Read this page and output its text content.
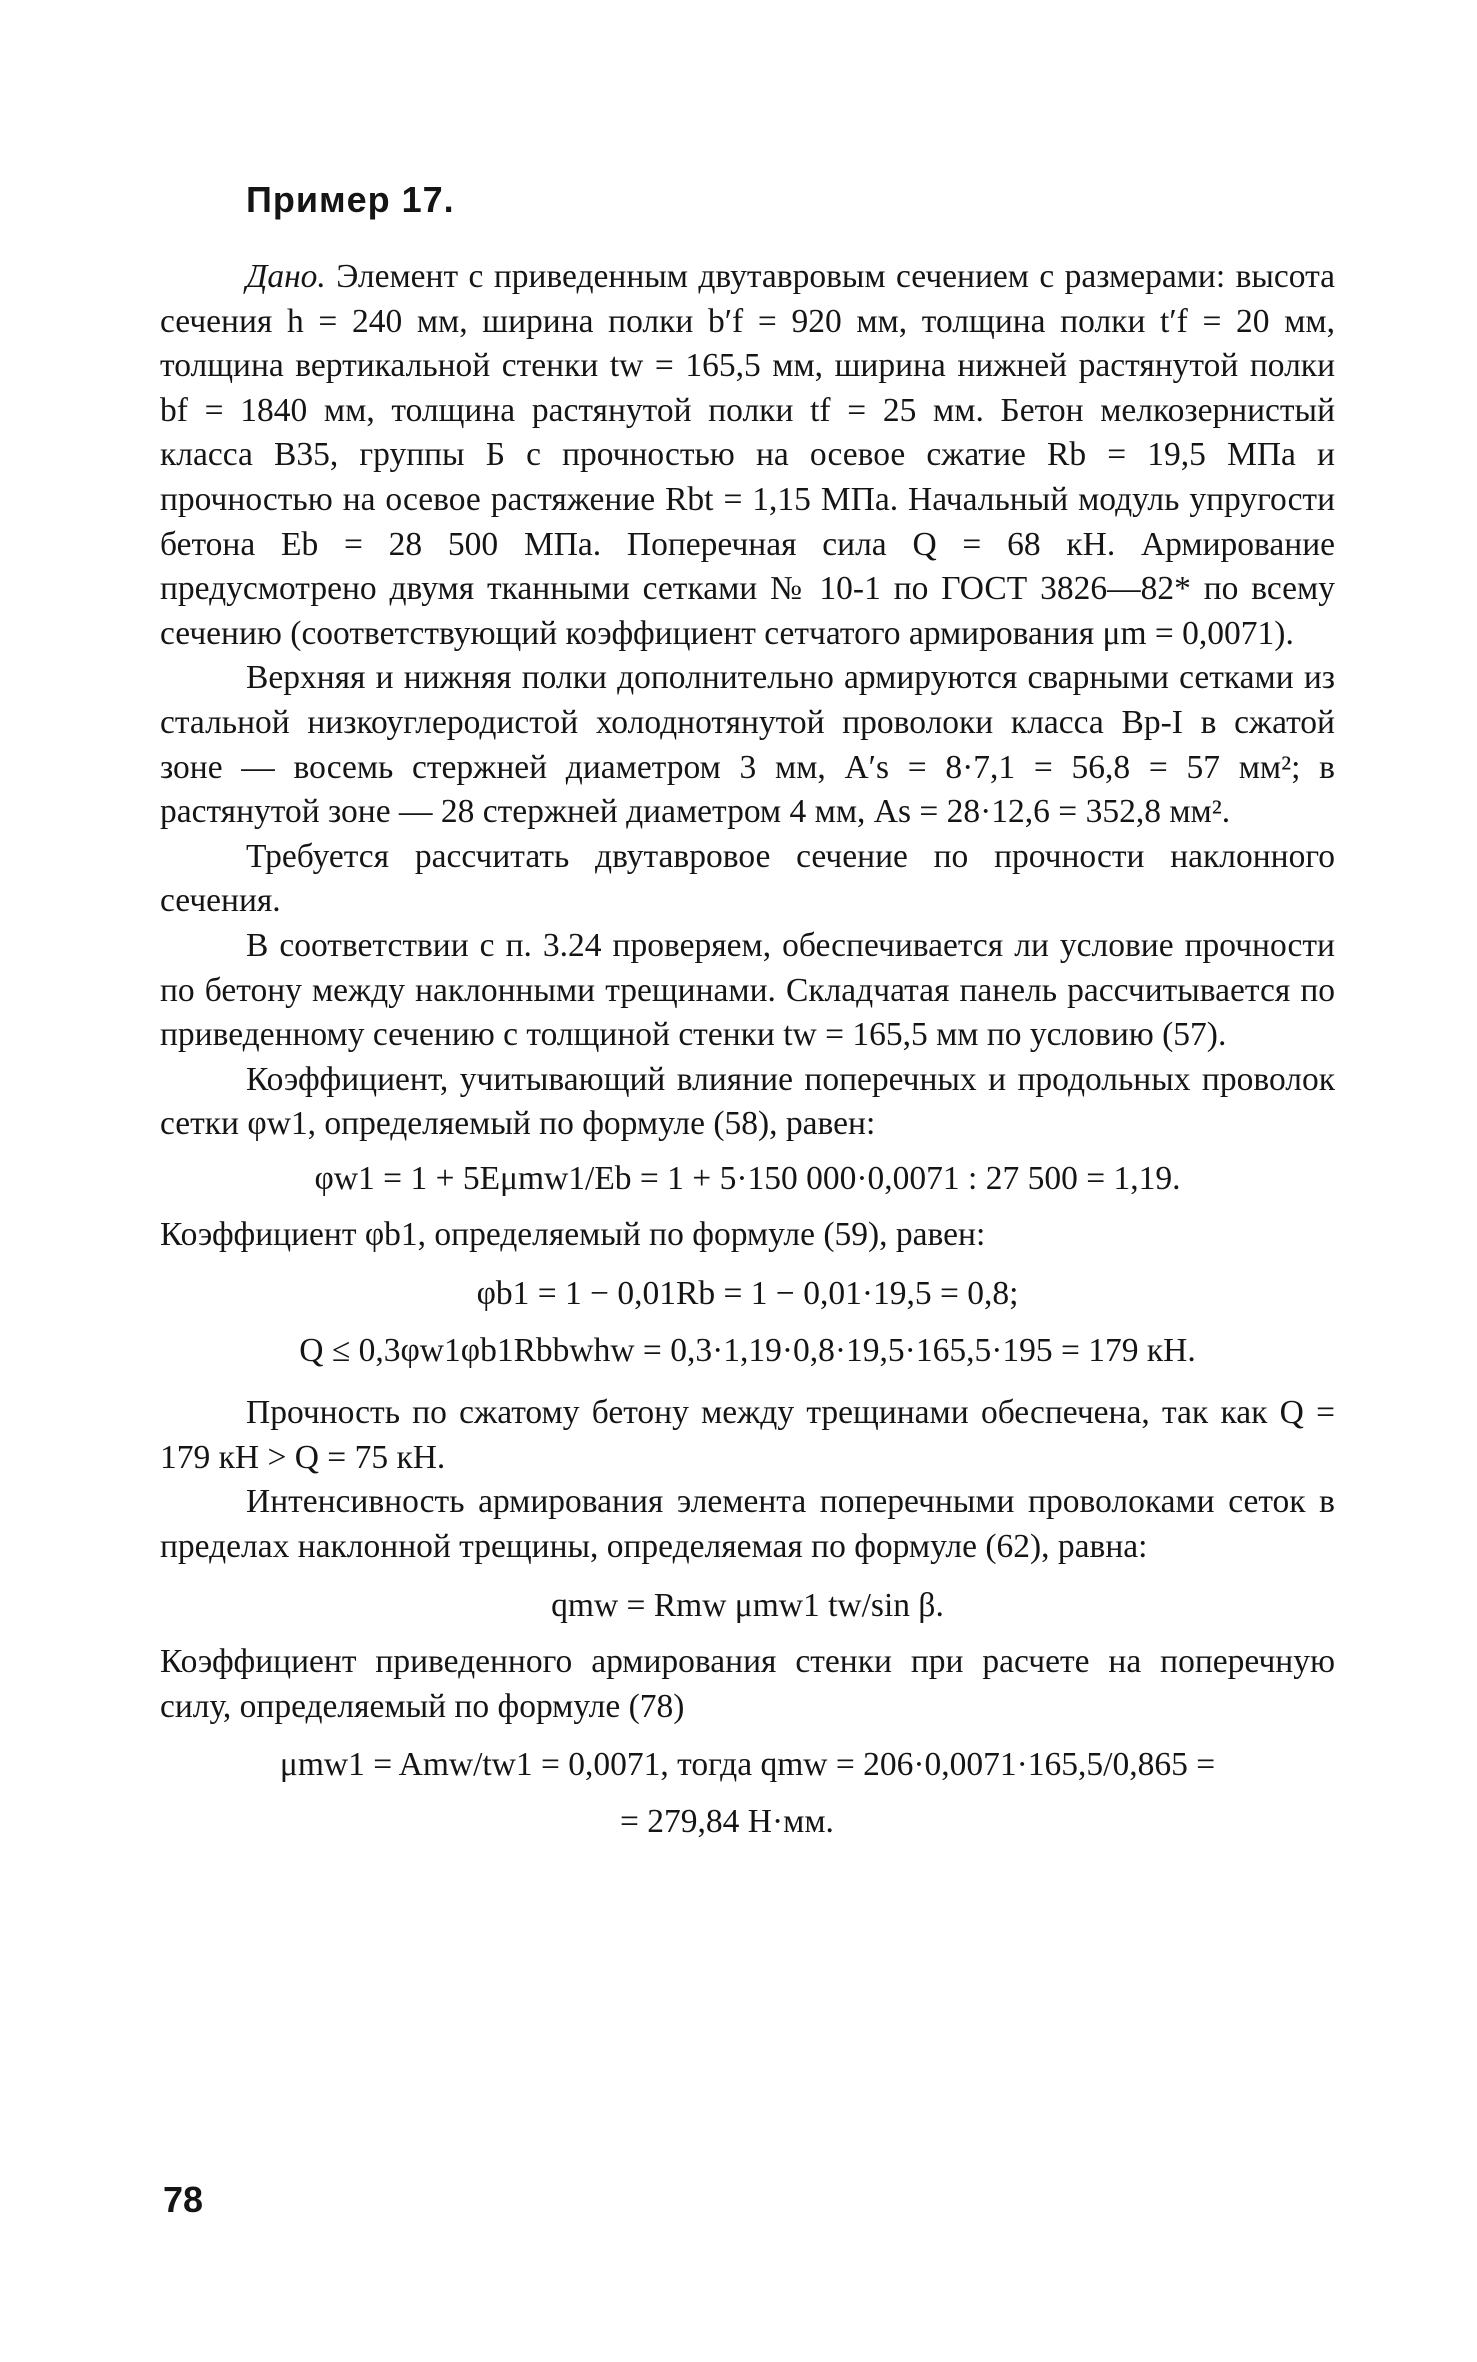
Пример 17.

Дано. Элемент с приведенным двутавровым сечением с размерами: высота сечения h = 240 мм, ширина полки b′f = 920 мм, толщина полки t′f = 20 мм, толщина вертикальной стенки tw = 165,5 мм, ширина нижней растянутой полки bf = 1840 мм, толщина растянутой полки tf = 25 мм. Бетон мелкозернистый класса В35, группы Б с прочностью на осевое сжатие Rb = 19,5 МПа и прочностью на осевое растяжение Rbt = 1,15 МПа. Начальный модуль упругости бетона Eb = 28 500 МПа. Поперечная сила Q = 68 кН. Армирование предусмотрено двумя тканными сетками № 10-1 по ГОСТ 3826—82* по всему сечению (соответствующий коэффициент сетчатого армирования μm = 0,0071).

Верхняя и нижняя полки дополнительно армируются сварными сетками из стальной низкоуглеродистой холоднотянутой проволоки класса Вр-I в сжатой зоне — восемь стержней диаметром 3 мм, A′s = 8·7,1 = 56,8 = 57 мм²; в растянутой зоне — 28 стержней диаметром 4 мм, As = 28·12,6 = 352,8 мм².

Требуется рассчитать двутавровое сечение по прочности наклонного сечения.

В соответствии с п. 3.24 проверяем, обеспечивается ли условие прочности по бетону между наклонными трещинами. Складчатая панель рассчитывается по приведенному сечению с толщиной стенки tw = 165,5 мм по условию (57).

Коэффициент, учитывающий влияние поперечных и продольных проволок сетки φw1, определяемый по формуле (58), равен:

φw1 = 1 + 5Eμmw1/Eb = 1 + 5·150 000·0,0071 : 27 500 = 1,19.

Коэффициент φb1, определяемый по формуле (59), равен:

φb1 = 1 − 0,01Rb = 1 − 0,01·19,5 = 0,8;
Q ≤ 0,3φw1φb1Rbbwhw = 0,3·1,19·0,8·19,5·165,5·195 = 179 кН.

Прочность по сжатому бетону между трещинами обеспечена, так как Q = 179 кН > Q = 75 кН.

Интенсивность армирования элемента поперечными проволоками сеток в пределах наклонной трещины, определяемая по формуле (62), равна:

qmw = Rmw μmw1 tw/sin β.

Коэффициент приведенного армирования стенки при расчете на поперечную силу, определяемый по формуле (78)

μmw1 = Amw/tw1 = 0,0071, тогда qmw = 206·0,0071·165,5/0,865 =
= 279,84 Н·мм.
78
